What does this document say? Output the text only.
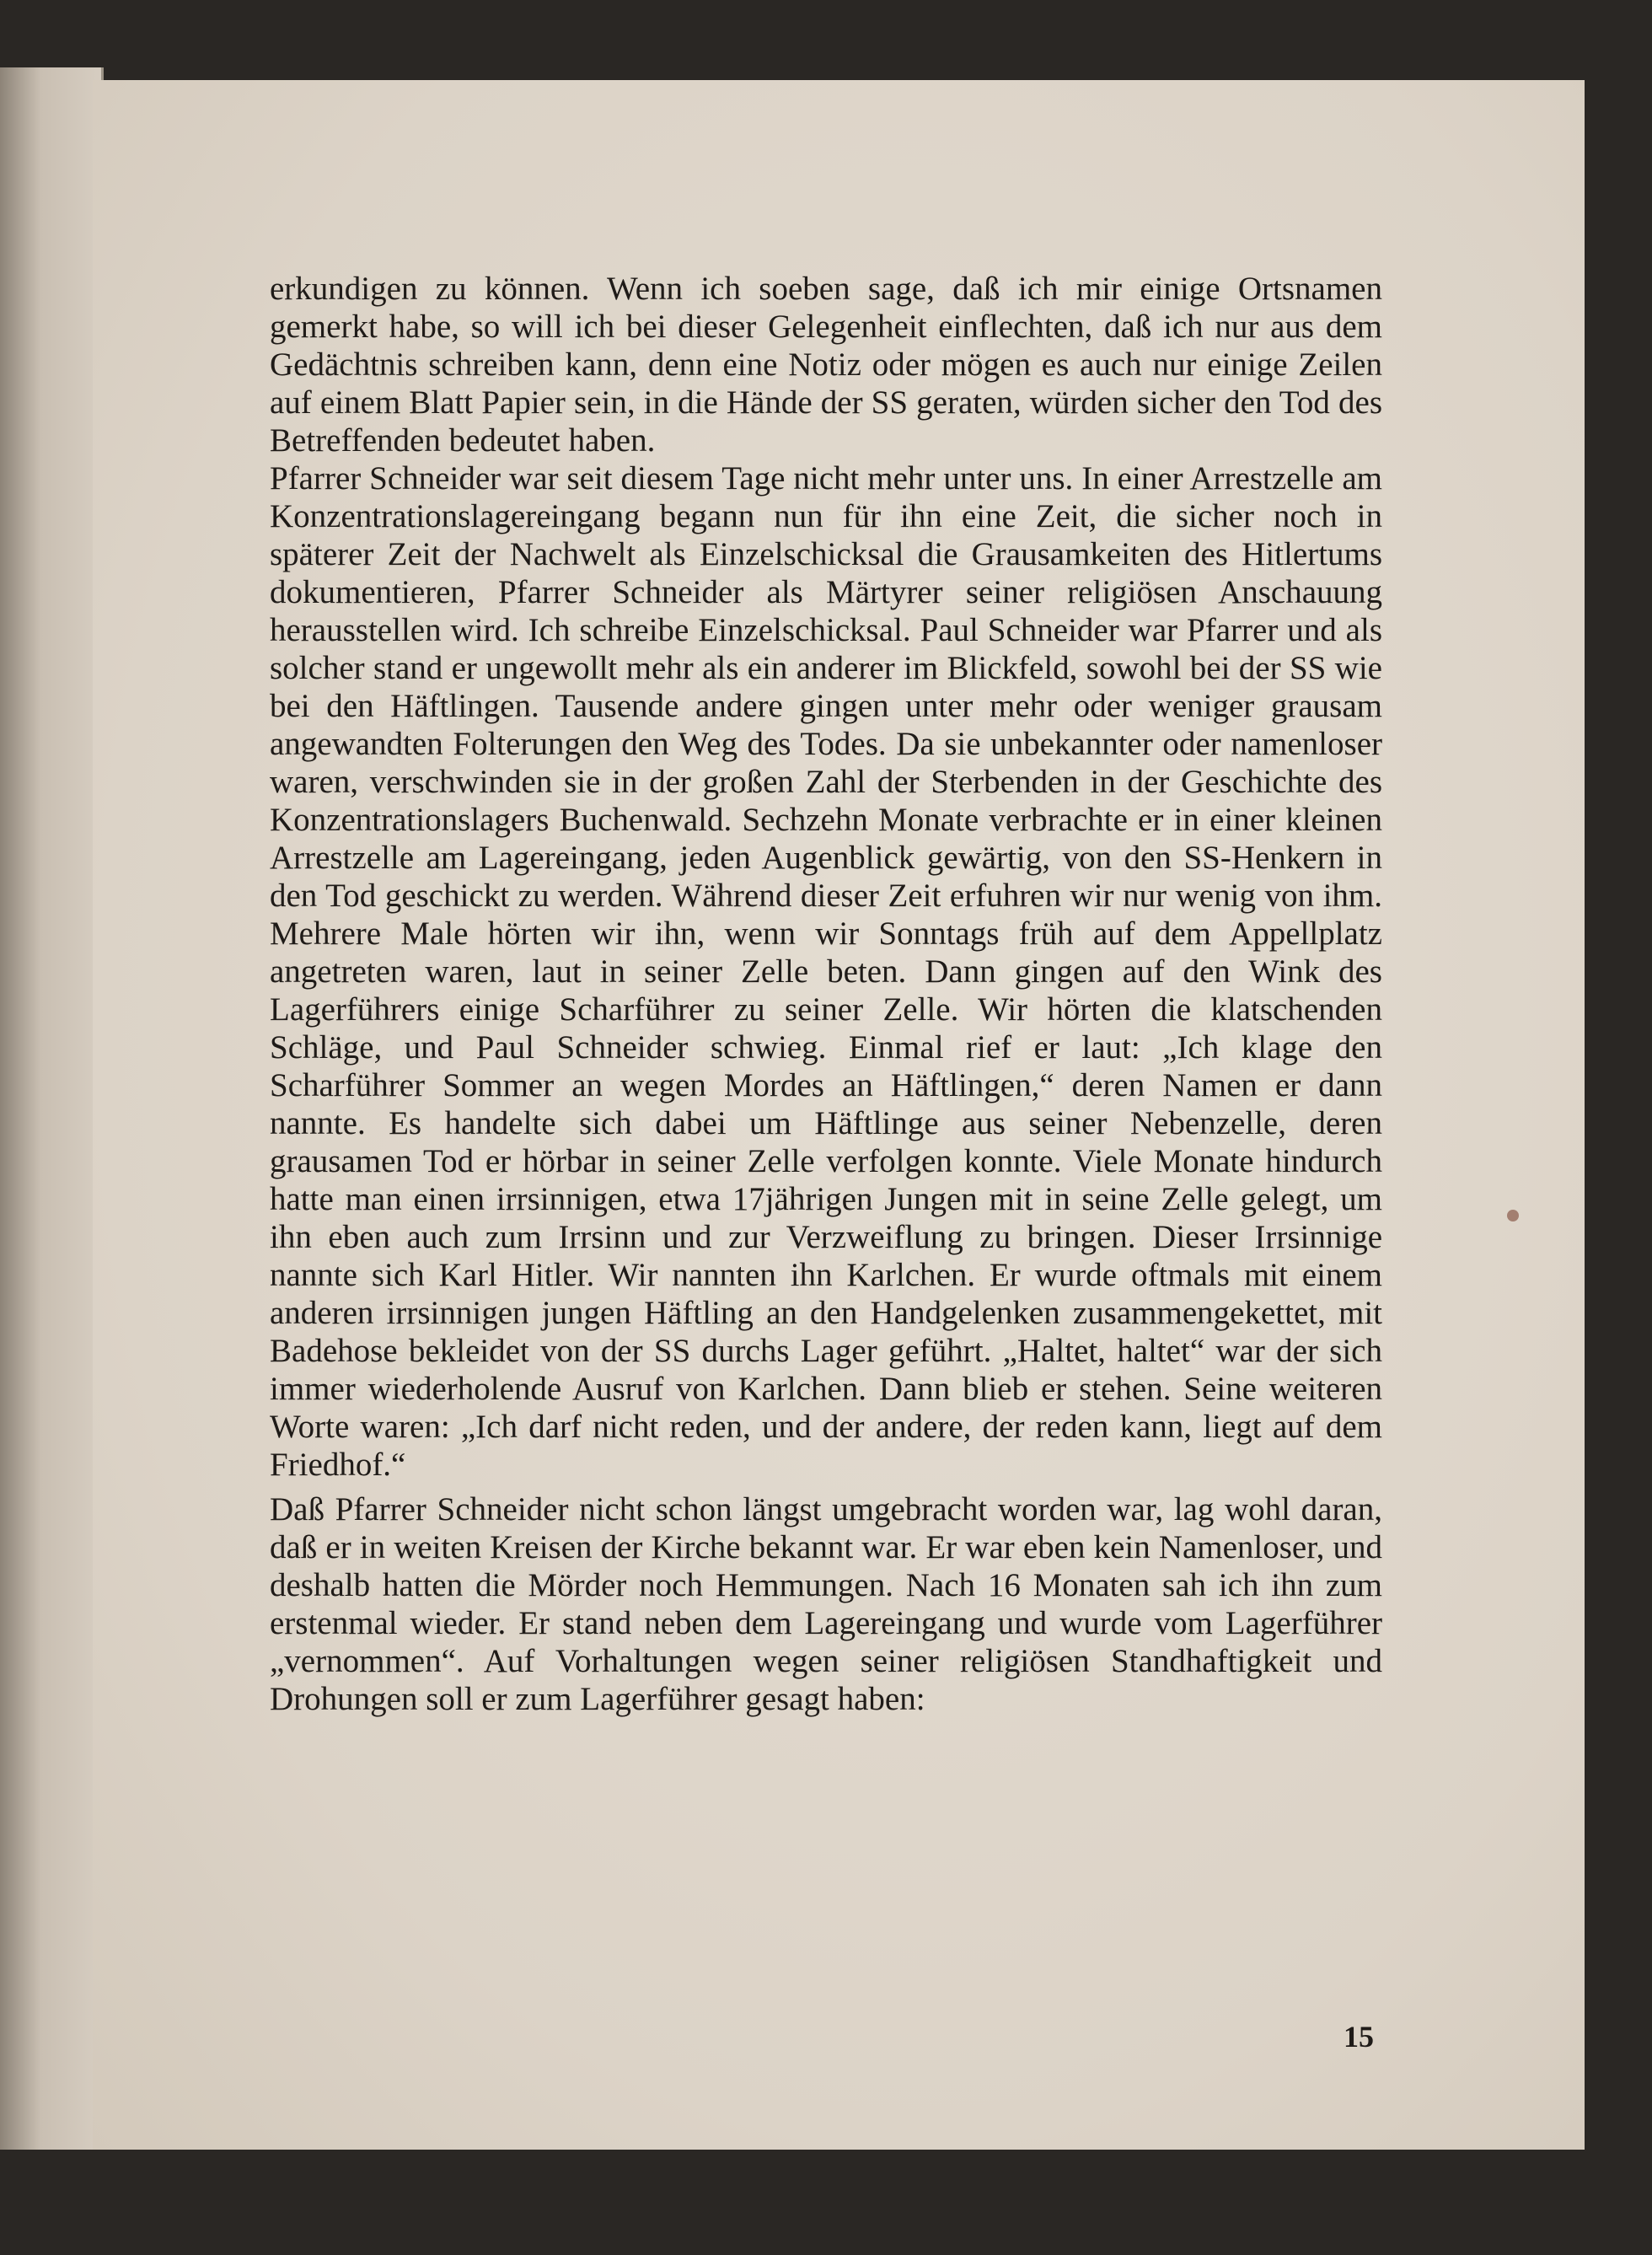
erkundigen zu können. Wenn ich soeben sage, daß ich mir einige Ortsnamen gemerkt habe, so will ich bei dieser Gelegenheit einflechten, daß ich nur aus dem Gedächtnis schreiben kann, denn eine Notiz oder mögen es auch nur einige Zeilen auf einem Blatt Papier sein, in die Hände der SS geraten, würden sicher den Tod des Betreffenden bedeutet haben.

Pfarrer Schneider war seit diesem Tage nicht mehr unter uns. In einer Arrestzelle am Konzentrationslagereingang begann nun für ihn eine Zeit, die sicher noch in späterer Zeit der Nachwelt als Einzelschicksal die Grausamkeiten des Hitlertums dokumentieren, Pfarrer Schneider als Märtyrer seiner religiösen Anschauung herausstellen wird. Ich schreibe Einzelschicksal. Paul Schneider war Pfarrer und als solcher stand er ungewollt mehr als ein anderer im Blickfeld, sowohl bei der SS wie bei den Häftlingen. Tausende andere gingen unter mehr oder weniger grausam angewandten Folterungen den Weg des Todes. Da sie unbekannter oder namenloser waren, verschwinden sie in der großen Zahl der Sterbenden in der Geschichte des Konzentrationslagers Buchenwald. Sechzehn Monate verbrachte er in einer kleinen Arrestzelle am Lagereingang, jeden Augenblick gewärtig, von den SS-Henkern in den Tod geschickt zu werden. Während dieser Zeit erfuhren wir nur wenig von ihm. Mehrere Male hörten wir ihn, wenn wir Sonntags früh auf dem Appellplatz angetreten waren, laut in seiner Zelle beten. Dann gingen auf den Wink des Lagerführers einige Scharführer zu seiner Zelle. Wir hörten die klatschenden Schläge, und Paul Schneider schwieg. Einmal rief er laut: „Ich klage den Scharführer Sommer an wegen Mordes an Häftlingen,“ deren Namen er dann nannte. Es handelte sich dabei um Häftlinge aus seiner Nebenzelle, deren grausamen Tod er hörbar in seiner Zelle verfolgen konnte. Viele Monate hindurch hatte man einen irrsinnigen, etwa 17jährigen Jungen mit in seine Zelle gelegt, um ihn eben auch zum Irrsinn und zur Verzweiflung zu bringen. Dieser Irrsinnige nannte sich Karl Hitler. Wir nannten ihn Karlchen. Er wurde oftmals mit einem anderen irrsinnigen jungen Häftling an den Handgelenken zusammengekettet, mit Badehose bekleidet von der SS durchs Lager geführt. „Haltet, haltet“ war der sich immer wiederholende Ausruf von Karlchen. Dann blieb er stehen. Seine weiteren Worte waren: „Ich darf nicht reden, und der andere, der reden kann, liegt auf dem Friedhof.“

Daß Pfarrer Schneider nicht schon längst umgebracht worden war, lag wohl daran, daß er in weiten Kreisen der Kirche bekannt war. Er war eben kein Namenloser, und deshalb hatten die Mörder noch Hemmungen. Nach 16 Monaten sah ich ihn zum erstenmal wieder. Er stand neben dem Lagereingang und wurde vom Lagerführer „vernommen“. Auf Vorhaltungen wegen seiner religiösen Standhaftigkeit und Drohungen soll er zum Lagerführer gesagt haben:

15
